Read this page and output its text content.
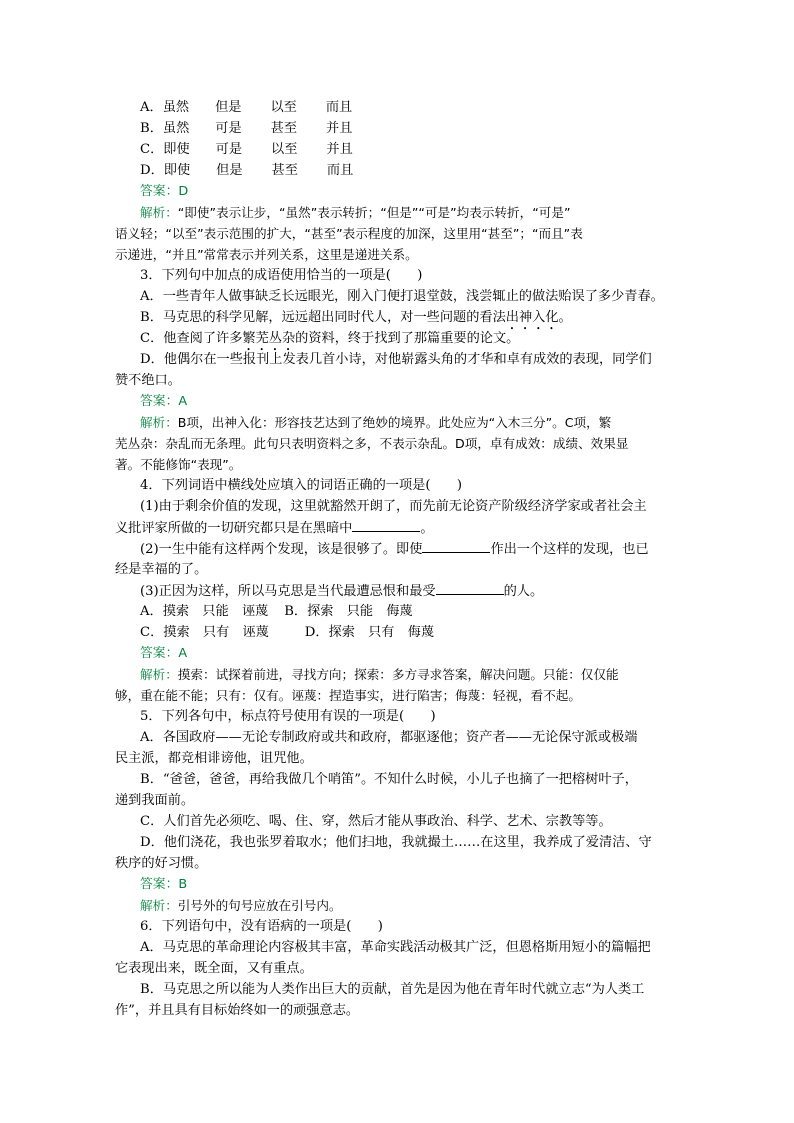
A．虽然 但是 以至 而且
B．虽然 可是 甚至 并且
C．即使 可是 以至 并且
D．即使 但是 甚至 而且
答案：D
解析：“即使”表示让步，“虽然”表示转折；“但是”“可是”均表示转折，“可是”
语义轻；“以至”表示范围的扩大，“甚至”表示程度的加深，这里用“甚至”；“而且”表
示递进，“并且”常常表示并列关系，这里是递进关系。
3．下列句中加点的成语使用恰当的一项是(　　)
A．一些青年人做事缺乏长远眼光，刚入门便打退堂鼓，浅尝辄止的做法贻误了多少青春。
B．马克思的科学见解，远远超出同时代人，对一些问题的看法出神入化。
C．他查阅了许多繁芜丛杂的资料，终于找到了那篇重要的论文。
D．他偶尔在一些报刊上发表几首小诗，对他崭露头角的才华和卓有成效的表现，同学们
赞不绝口。
答案：A
解析：B项，出神入化：形容技艺达到了绝妙的境界。此处应为“入木三分”。C项，繁
芜丛杂：杂乱而无条理。此句只表明资料之多，不表示杂乱。D项，卓有成效：成绩、效果显
著。不能修饰“表现”。
4．下列词语中横线处应填入的词语正确的一项是(　　)
(1)由于剩余价值的发现，这里就豁然开朗了，而先前无论资产阶级经济学家或者社会主
义批评家所做的一切研究都只是在黑暗中	。
(2)一生中能有这样两个发现，该是很够了。即使	作出一个这样的发现，也已
经是幸福的了。
(3)正因为这样，所以马克思是当代最遭忌恨和最受	的人。
A．摸索　只能　诬蔑 B．探索　只能　侮蔑
C．摸索　只有　诬蔑	D．探索　只有　侮蔑
答案：A
解析：摸索：试探着前进，寻找方向；探索：多方寻求答案，解决问题。只能：仅仅能
够，重在能不能；只有：仅有。诬蔑：捏造事实，进行陷害；侮蔑：轻视，看不起。
5．下列各句中，标点符号使用有误的一项是(　　)
A．各国政府——无论专制政府或共和政府，都驱逐他；资产者——无论保守派或极端
民主派，都竞相诽谤他，诅咒他。
B．“爸爸，爸爸，再给我做几个哨笛”。不知什么时候，小儿子也摘了一把榕树叶子，
递到我面前。
C．人们首先必须吃、喝、住、穿，然后才能从事政治、科学、艺术、宗教等等。
D．他们浇花，我也张罗着取水；他们扫地，我就撮土……在这里，我养成了爱清洁、守
秩序的好习惯。
答案：B
解析：引号外的句号应放在引号内。
6．下列语句中，没有语病的一项是(　　)
A．马克思的革命理论内容极其丰富，革命实践活动极其广泛，但恩格斯用短小的篇幅把
它表现出来，既全面，又有重点。
B．马克思之所以能为人类作出巨大的贡献，首先是因为他在青年时代就立志“为人类工
作”，并且具有目标始终如一的顽强意志。
